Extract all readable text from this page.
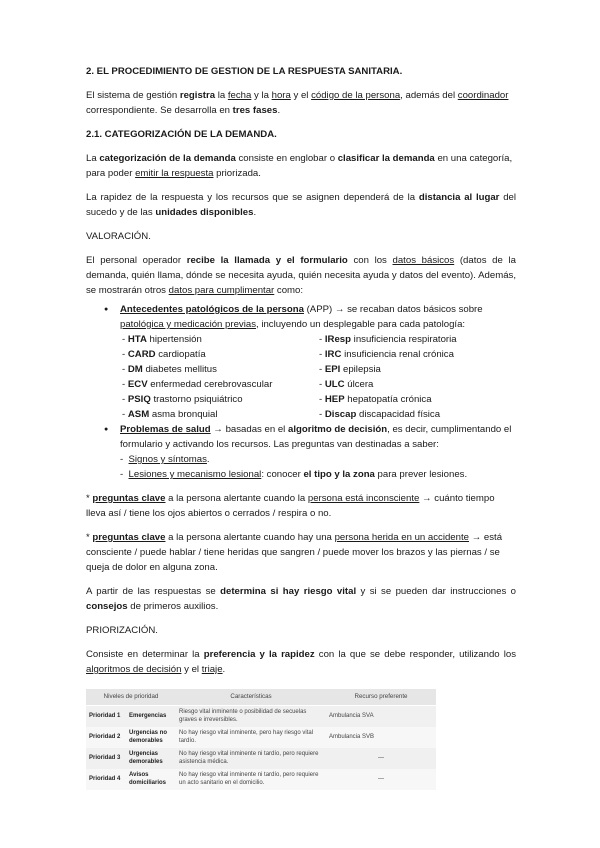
2. EL PROCEDIMIENTO DE GESTION DE LA RESPUESTA SANITARIA.

El sistema de gestión registra la fecha y la hora y el código de la persona, además del coordinador correspondiente. Se desarrolla en tres fases.

2.1. CATEGORIZACIÓN DE LA DEMANDA.

La categorización de la demanda consiste en englobar o clasificar la demanda en una categoría, para poder emitir la respuesta priorizada.

La rapidez de la respuesta y los recursos que se asignen dependerá de la distancia al lugar del sucedo y de las unidades disponibles.

VALORACIÓN.

El personal operador recibe la llamada y el formulario con los datos básicos (datos de la demanda, quién llama, dónde se necesita ayuda, quién necesita ayuda y datos del evento). Además, se mostrarán otros datos para cumplimentar como:

● Antecedentes patológicos de la persona (APP) → se recaban datos básicos sobre patológica y medicación previas, incluyendo un desplegable para cada patología:
- HTA hipertensión
- CARD cardiopatía
- DM diabetes mellitus
- ECV enfermedad cerebrovascular
- PSIQ trastorno psiquiátrico
- ASM asma bronquial
- IResp insuficiencia respiratoria
- IRC insuficiencia renal crónica
- EPI epilepsia
- ULC úlcera
- HEP hepatopatía crónica
- Discap discapacidad física
● Problemas de salud → basadas en el algoritmo de decisión, es decir, cumplimentando el formulario y activando los recursos. Las preguntas van destinadas a saber:
-  Signos y síntomas.
-  Lesiones y mecanismo lesional: conocer el tipo y la zona para prever lesiones.

* preguntas clave a la persona alertante cuando la persona está inconsciente → cuánto tiempo lleva así / tiene los ojos abiertos o cerrados / respira o no.

* preguntas clave a la persona alertante cuando hay una persona herida en un accidente → está consciente / puede hablar / tiene heridas que sangren / puede mover los brazos y las piernas / se queja de dolor en alguna zona.

A partir de las respuestas se determina si hay riesgo vital y si se pueden dar instrucciones o consejos de primeros auxilios.

PRIORIZACIÓN.

Consiste en determinar la preferencia y la rapidez con la que se debe responder, utilizando los algoritmos de decisión y el triaje.

Niveles de prioridad		Características	Recurso preferente
Prioridad 1	Emergencias	Riesgo vital inminente o posibilidad de secuelas graves e irreversibles.	Ambulancia SVA
Prioridad 2	Urgencias no demorables	No hay riesgo vital inminente, pero hay riesgo vital tardío.	Ambulancia SVB
Prioridad 3	Urgencias demorables	No hay riesgo vital inminente ni tardío, pero requiere asistencia médica.	—
Prioridad 4	Avisos domiciliarios	No hay riesgo vital inminente ni tardío, pero requiere un acto sanitario en el domicilio.	—
